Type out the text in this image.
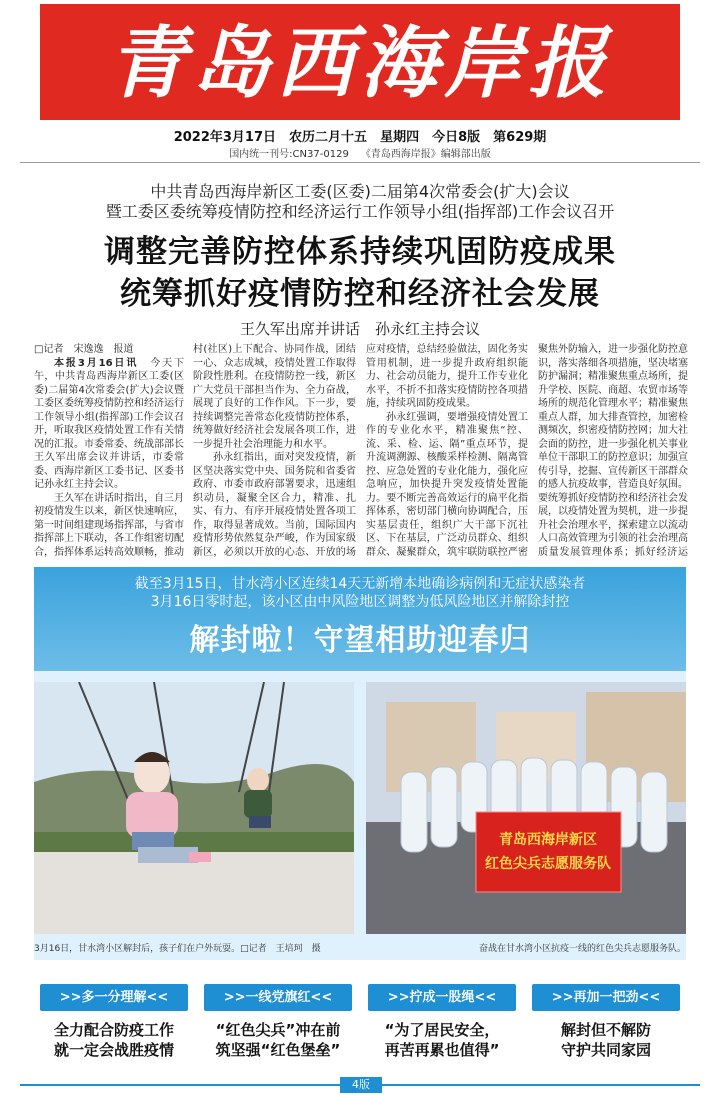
青岛西海岸报
2022年3月17日　 农历二月十五　 星期四　 今日8版　 第629期
国内统一刊号:CN37-0129 《青岛西海岸报》编辑部出版
中共青岛西海岸新区工委(区委)二届第4次常委会(扩大)会议
暨工委区委统筹疫情防控和经济运行工作领导小组(指挥部)工作会议召开
调整完善防控体系持续巩固防疫成果
统筹抓好疫情防控和经济社会发展
王久军出席并讲话　孙永红主持会议

□记者　宋逸逸　报道

本报3月16日讯　 今天下午，中共青岛西海岸新区工委(区委)二届第4次常委会(扩大)会议暨工委区委统筹疫情防控和经济运行工作领导小组(指挥部)工作会议召开，听取我区疫情处置工作有关情况的汇报。市委常委、统战部部长王久军出席会议并讲话，市委常委、西海岸新区工委书记、区委书记孙永红主持会议。

王久军在讲话时指出，自三月初疫情发生以来，新区快速响应，第一时间组建现场指挥部，与省市指挥部上下联动，各工作组密切配合，指挥体系运转高效顺畅，推动

村(社区)上下配合、协同作战，团结一心、众志成城，疫情处置工作取得阶段性胜利。在疫情防控一线，新区广大党员干部担当作为、全力奋战，展现了良好的工作作风。下一步，要持续调整完善常态化疫情防控体系，统筹做好经济社会发展各项工作，进一步提升社会治理能力和水平。

孙永红指出，面对突发疫情，新区坚决落实党中央、国务院和省委省政府、市委市政府部署要求，迅速组织动员，凝聚全区合力，精准、扎实、有力、有序开展疫情处置各项工作，取得显著成效。当前，国际国内疫情形势依然复杂严峻，作为国家级新区，必须以开放的心态、开放的场

应对疫情，总结经验做法，固化务实管用机制，进一步提升政府组织能力、社会动员能力，提升工作专业化水平，不折不扣落实疫情防控各项措施，持续巩固防疫成果。

孙永红强调，要增强疫情处置工作的专业化水平，精准聚焦“控、流、采、检、运、隔”重点环节，提升流调溯源、核酸采样检测、隔离管控、应急处置的专业化能力，强化应急响应，加快提升突发疫情处置能力。要不断完善高效运行的扁平化指挥体系，密切部门横向协调配合，压实基层责任，组织广大干部下沉社区、下在基层，广泛动员群众、组织群众、凝聚群众，筑牢联防联控严密

聚焦外防输入，进一步强化防控意识，落实落细各项措施，坚决堵塞防护漏洞；精准聚焦重点场所，提升学校、医院、商超、农贸市场等场所的规范化管理水平；精准聚焦重点人群，加大排查管控，加密检测频次，织密疫情防控网；加大社会面的防控，进一步强化机关事业单位干部职工的防控意识；加强宣传引导，挖掘、宣传新区干部群众的感人抗疫故事，营造良好氛围。要统筹抓好疫情防控和经济社会发展，以疫情处置为契机，进一步提升社会治理水平，探索建立以流动人口高效管理为引领的社会治理高质量发展管理体系；抓好经济运

截至3月15日，甘水湾小区连续14天无新增本地确诊病例和无症状感染者
3月16日零时起，该小区由中风险地区调整为低风险地区并解除封控
解封啦！守望相助迎春归
青岛西海岸新区
红色尖兵志愿服务队
3月16日，甘水湾小区解封后，孩子们在户外玩耍。□记者　王培珂　摄	奋战在甘水湾小区抗疫一线的红色尖兵志愿服务队。
>>多一分理解<<	>>一线党旗红<<	>>拧成一股绳<<	>>再加一把劲<<
全力配合防疫工作
就一定会战胜疫情
“红色尖兵”冲在前
筑坚强“红色堡垒”
“为了居民安全，
再苦再累也值得”
解封但不解防
守护共同家园
4版
